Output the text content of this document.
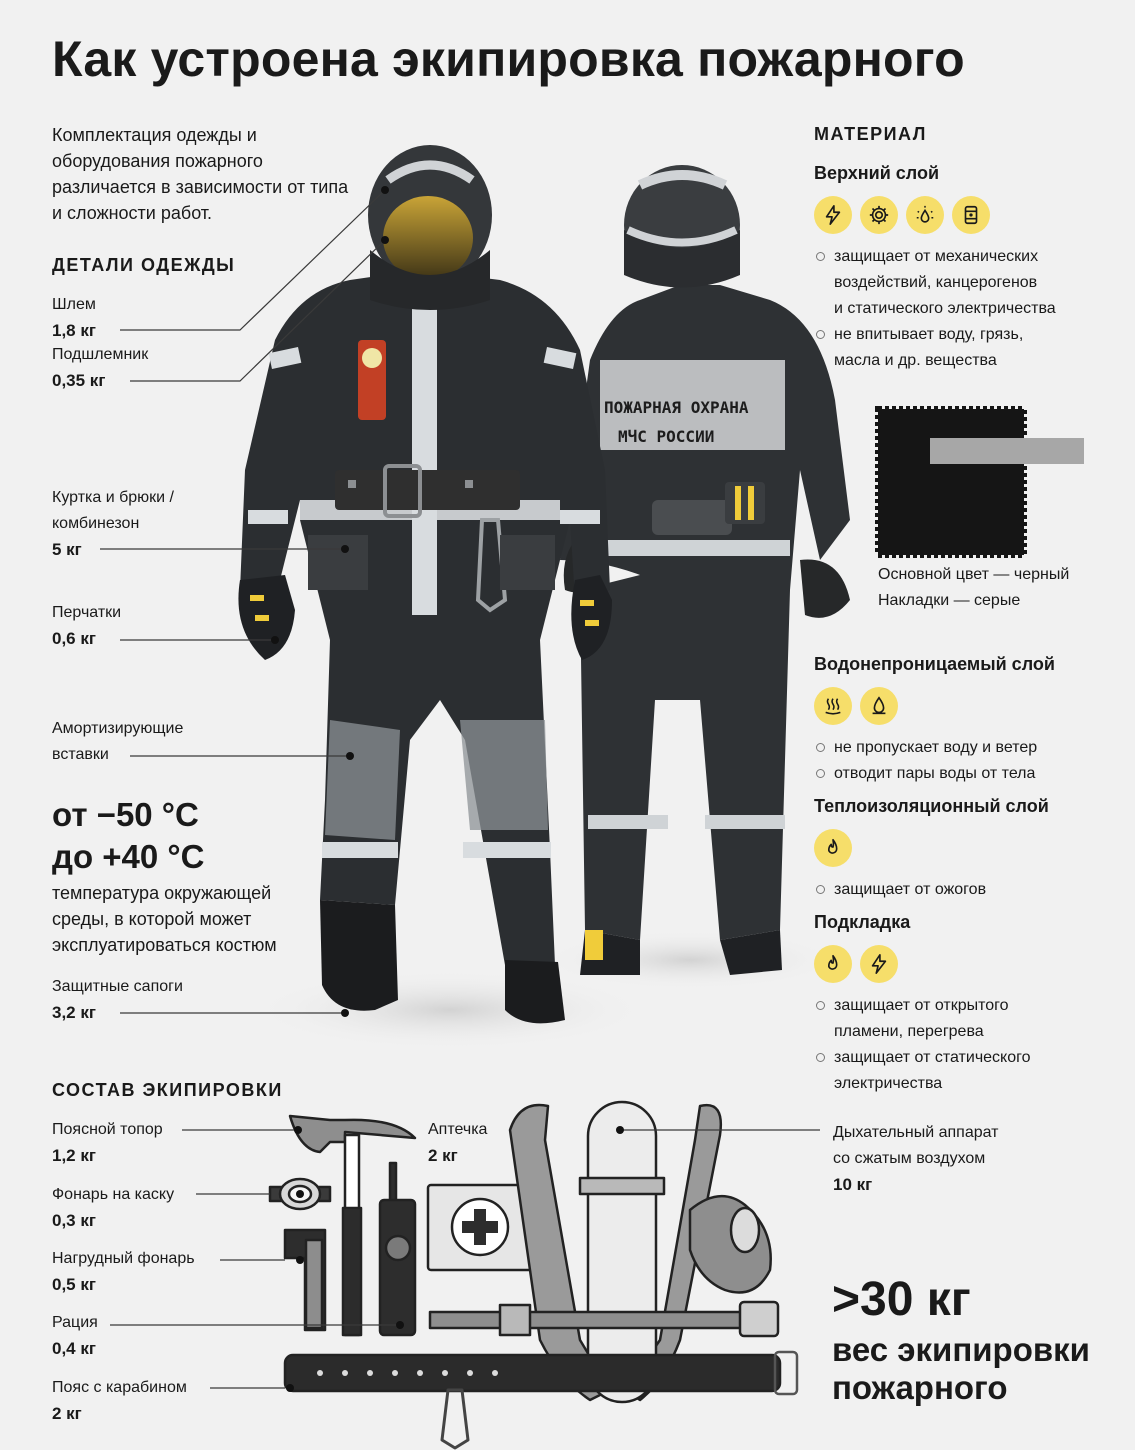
Как устроена экипировка пожарного
Комплектация одежды и оборудования пожарного различается в зависимости от типа и сложности работ.
ДЕТАЛИ ОДЕЖДЫ
Шлем
1,8 кг
Подшлемник
0,35 кг
Куртка и брюки /
комбинезон
5 кг
Перчатки
0,6 кг
Амортизирующие
вставки
от −50 °С
до +40 °С
температура окружающей
среды, в которой может
эксплуатироваться костюм
Защитные сапоги
3,2 кг
ПОЖАРНАЯ ОХРАНА
МЧС РОССИИ
МАТЕРИАЛ
Верхний слой
защищает от механических
воздействий, канцерогенов
и статического электричества
не впитывает воду, грязь,
масла и др. вещества
Основной цвет — черный
Накладки — серые
Водонепроницаемый слой
не пропускает воду и ветер
отводит пары воды от тела
Теплоизоляционный слой
защищает от ожогов
Подкладка
защищает от открытого
пламени, перегрева
защищает от статического
электричества
СОСТАВ ЭКИПИРОВКИ
Поясной топор
1,2 кг
Фонарь на каску
0,3 кг
Нагрудный фонарь
0,5 кг
Рация
0,4 кг
Пояс с карабином
2 кг
Аптечка
2 кг
Дыхательный аппарат
со сжатым воздухом
10 кг
>30 кг
вес экипировки
пожарного
